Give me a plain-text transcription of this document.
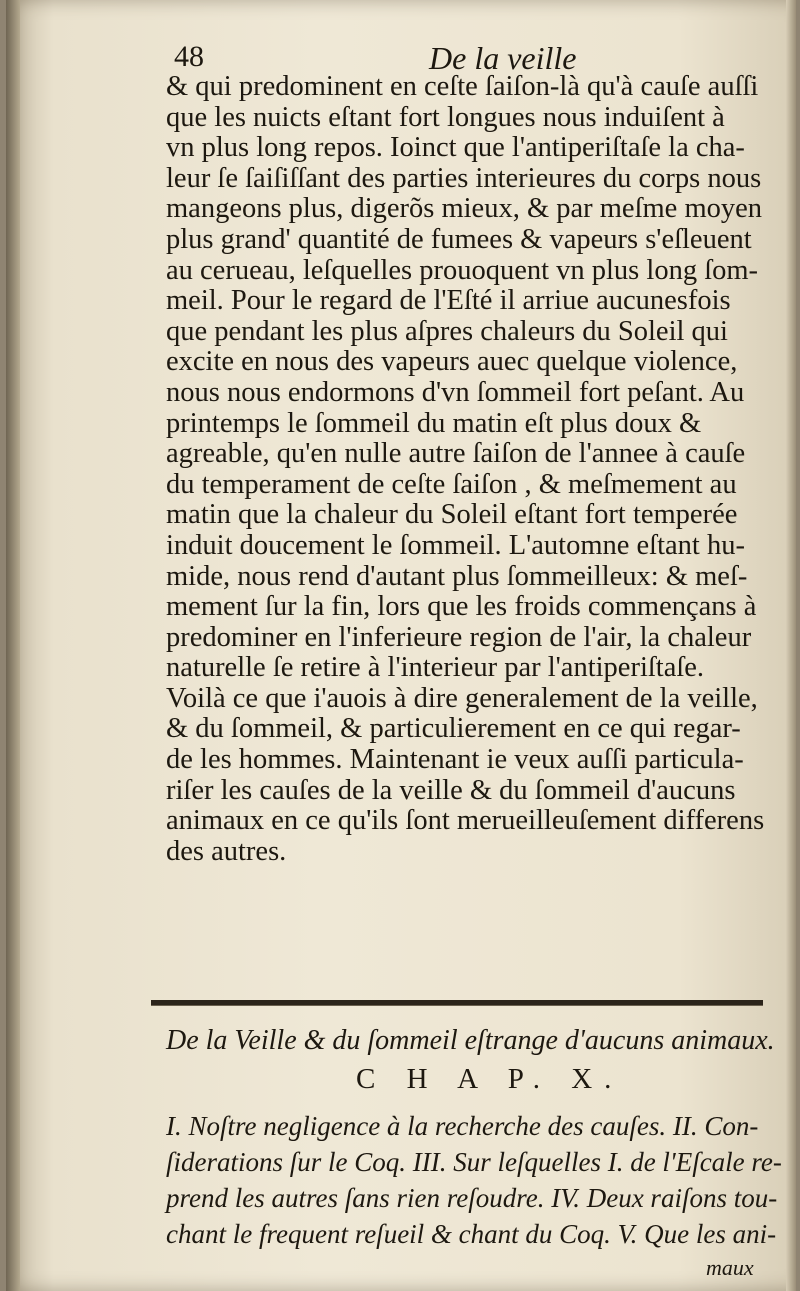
48	De la veille
& qui predominent en ceſte ſaiſon-là qu'à cauſe auſſi
que les nuicts eſtant fort longues nous induiſent à
vn plus long repos. Ioinct que l'antiperiſtaſe la cha-
leur ſe ſaiſiſſant des parties interieures du corps nous
mangeons plus, digerõs mieux, & par meſme moyen
plus grand' quantité de fumees & vapeurs s'eſleuent
au cerueau, leſquelles prouoquent vn plus long ſom-
meil. Pour le regard de l'Eſté il arriue aucunesfois
que pendant les plus aſpres chaleurs du Soleil qui
excite en nous des vapeurs auec quelque violence,
nous nous endormons d'vn ſommeil fort peſant. Au
printemps le ſommeil du matin eſt plus doux &
agreable, qu'en nulle autre ſaiſon de l'annee à cauſe
du temperament de ceſte ſaiſon , & meſmement au
matin que la chaleur du Soleil eſtant fort temperée
induit doucement le ſommeil. L'automne eſtant hu-
mide, nous rend d'autant plus ſommeilleux: & meſ-
mement ſur la fin, lors que les froids commençans à
predominer en l'inferieure region de l'air, la chaleur
naturelle ſe retire à l'interieur par l'antiperiſtaſe.
Voilà ce que i'auois à dire generalement de la veille,
& du ſommeil, & particulierement en ce qui regar-
de les hommes. Maintenant ie veux auſſi particula-
riſer les cauſes de la veille & du ſommeil d'aucuns
animaux en ce qu'ils ſont merueilleuſement differens
des autres.
De la Veille & du ſommeil eſtrange d'aucuns animaux.
C H A P. X.
I. Noſtre negligence à la recherche des cauſes. II. Con-
ſiderations ſur le Coq. III. Sur leſquelles I. de l'Eſcale re-
prend les autres ſans rien reſoudre. IV. Deux raiſons tou-
chant le frequent reſueil & chant du Coq. V. Que les ani-
maux
